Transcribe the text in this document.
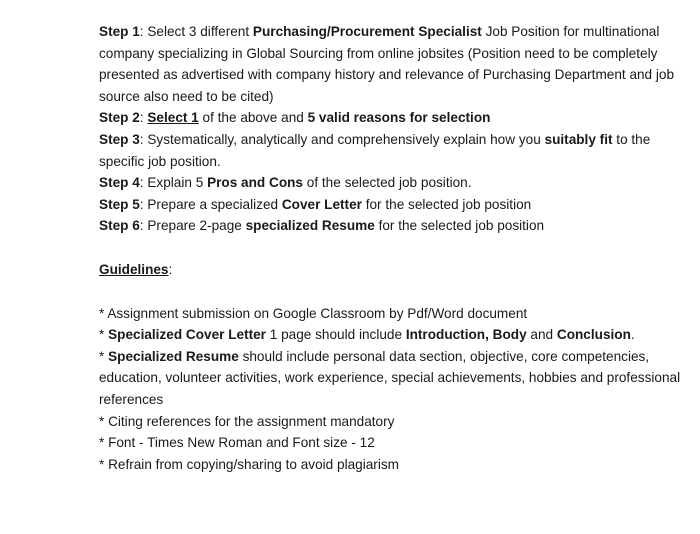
Step 1: Select 3 different Purchasing/Procurement Specialist Job Position for multinational company specializing in Global Sourcing from online jobsites (Position need to be completely presented as advertised with company history and relevance of Purchasing Department and job source also need to be cited)
Step 2: Select 1 of the above and 5 valid reasons for selection
Step 3: Systematically, analytically and comprehensively explain how you suitably fit to the specific job position.
Step 4: Explain 5 Pros and Cons of the selected job position.
Step 5: Prepare a specialized Cover Letter for the selected job position
Step 6: Prepare 2-page specialized Resume for the selected job position
Guidelines:
* Assignment submission on Google Classroom by Pdf/Word document
* Specialized Cover Letter 1 page should include Introduction, Body and Conclusion.
* Specialized Resume should include personal data section, objective, core competencies, education, volunteer activities, work experience, special achievements, hobbies and professional references
* Citing references for the assignment mandatory
* Font - Times New Roman and Font size - 12
* Refrain from copying/sharing to avoid plagiarism
